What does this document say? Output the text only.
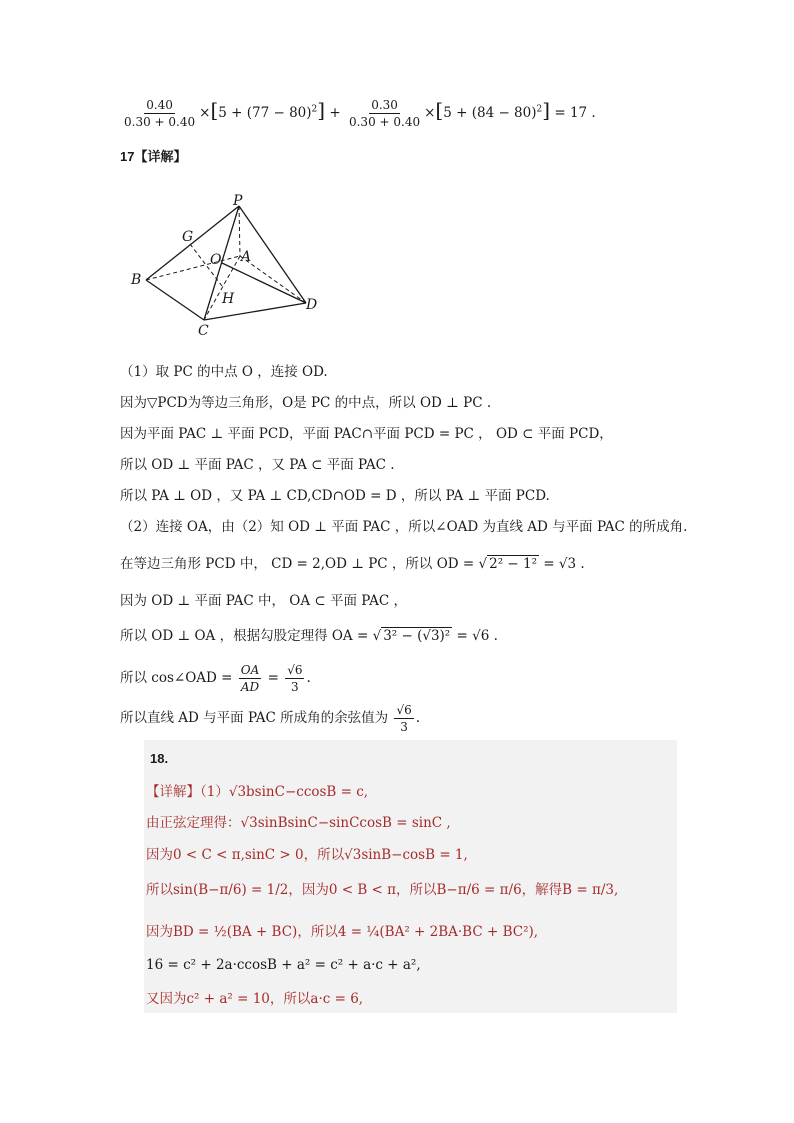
$\frac{0.40}{0.30 + 0.40} \times[5 + (77 - 80)^2] + \frac{0.30}{0.30 + 0.40} \times[5 + (84 - 80)^2] = 17$ .
17【详解】
P
G
O A
B
H	D
C
（1）取 PC 的中点 O ，连接 OD.
因为▽PCD为等边三角形，O是 PC 的中点，所以 OD ⊥ PC .
因为平面 PAC ⊥ 平面 PCD，平面 PAC∩平面 PCD = PC ， OD ⊂ 平面 PCD，
所以 OD ⊥ 平面 PAC ，又 PA ⊂ 平面 PAC .
所以 PA ⊥ OD ，又 PA ⊥ CD,CD∩OD = D ，所以 PA ⊥ 平面 PCD.
（2）连接 OA，由（2）知 OD ⊥ 平面 PAC ，所以∠OAD 为直线 AD 与平面 PAC 的所成角.
在等边三角形 PCD 中， CD = 2,OD ⊥ PC ，所以 OD = √ 2² − 1² = √3 .
因为 OD ⊥ 平面 PAC 中， OA ⊂ 平面 PAC ，
所以 OD ⊥ OA ，根据勾股定理得 OA = √ 3² − (√3)² = √6 .
所以 cos∠OAD = $\frac{OA}{AD} = \frac{√6}{3}$ .
所以直线 AD 与平面 PAC 所成角的余弦值为 $\frac{√6}{3}$ .
18.
【详解】（1）√3bsinC−ccosB = c,
由正弦定理得：√3sinBsinC−sinCcosB = sinC ,
因为0 < C < π,sinC > 0，所以√3sinB−cosB = 1,
所以sin(B−π/6) = 1/2，因为0 < B < π，所以B−π/6 = π/6，解得B = π/3,
因为BD = ½(BA + BC)，所以4 = ¼(BA² + 2BA·BC + BC²),
16 = c² + 2a·ccosB + a² = c² + a·c + a²,
又因为c² + a² = 10，所以a·c = 6,
